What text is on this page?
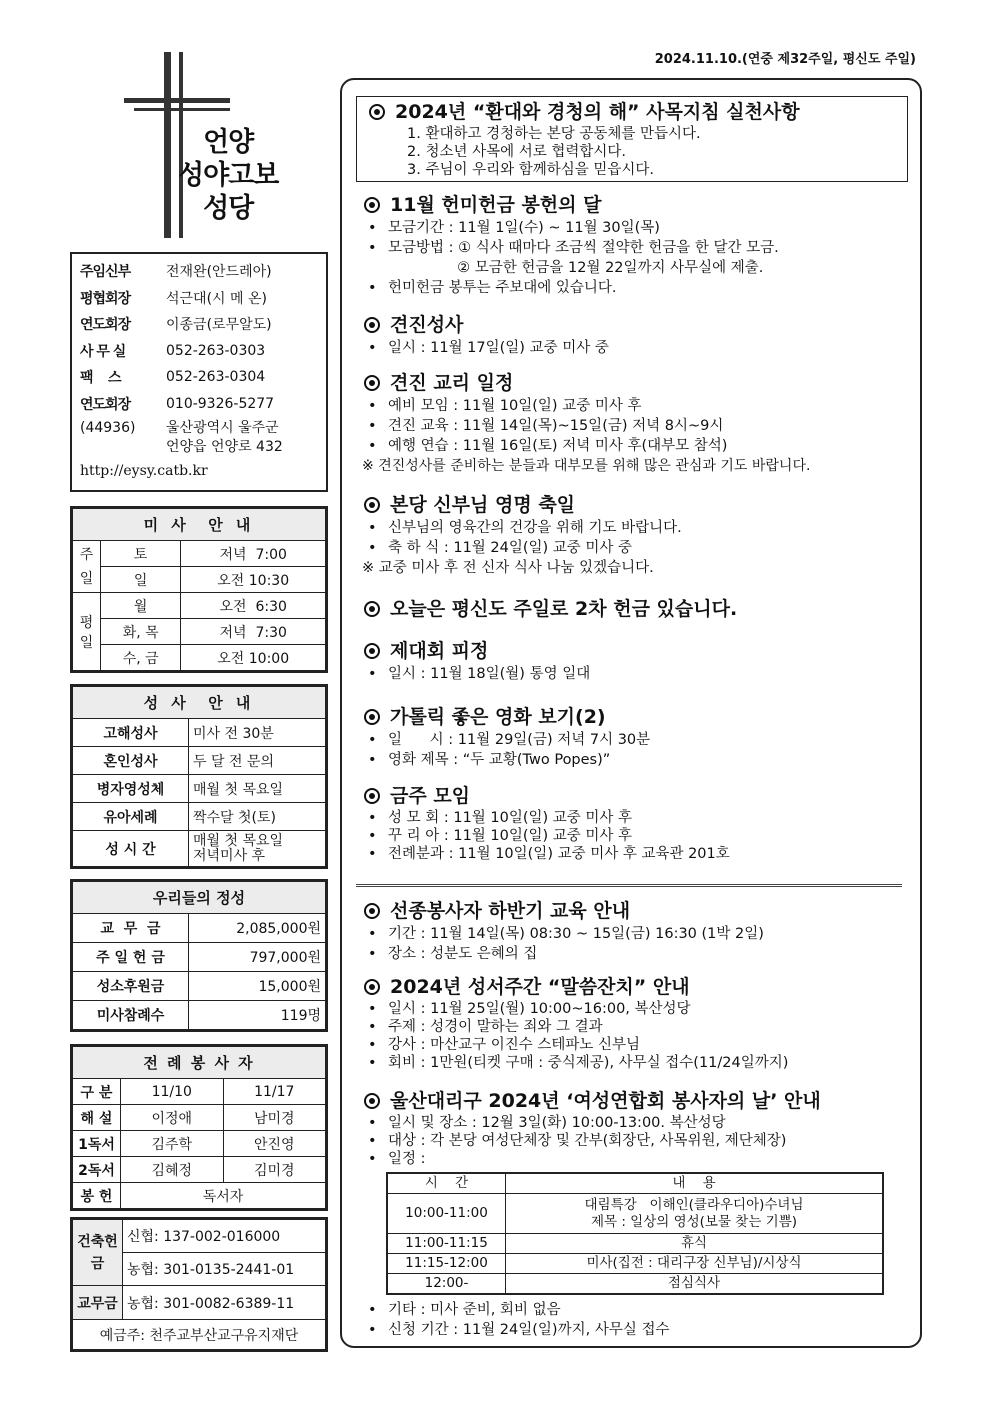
2024.11.10.(연중 제32주일, 평신도 주일)
언양
성야고보
성당
주임신부	전재완(안드레아)
평협회장	석근대(시 메 온)
연도회장	이종금(로무알도)
사 무 실	052-263-0303
팩    스	052-263-0304
연도회장	010-9326-5277
(44936)	울산광역시 울주군
언양읍 언양로 432
http://eysy.catb.kr
미 사  안 내		
주일	토	저녁  7:00
	일	오전 10:30
평일	월	오전  6:30
	화, 목	저녁  7:30
	수, 금	오전 10:00
성 사  안 내	
고해성사	미사 전 30분
혼인성사	두 달 전 문의
병자영성체	매월 첫 목요일
유아세례	짝수달 첫(토)
성 시 간	매월 첫 목요일
저녁미사 후
우리들의 정성	
교  무  금	2,085,000원
주 일 헌 금	797,000원
성소후원금	15,000원
미사참례수	119명
전 례 봉 사 자		
구 분	11/10	11/17
해 설	이정애	남미경
1독서	김주학	안진영
2독서	김혜정	김미경
봉 헌	독서자	
건축헌금	신협: 137-002-016000
	농협: 301-0135-2441-01
교무금	농협: 301-0082-6389-11
예금주: 천주교부산교구유지재단	
2024년 “환대와 경청의 해” 사목지침 실천사항
1. 환대하고 경청하는 본당 공동체를 만듭시다.
2. 청소년 사목에 서로 협력합시다.
3. 주님이 우리와 함께하심을 믿읍시다.
11월 헌미헌금 봉헌의 달
• 모금기간 : 11월 1일(수) ~ 11월 30일(목)
• 모금방법 : ① 식사 때마다 조금씩 절약한 헌금을 한 달간 모금.
② 모금한 헌금을 12월 22일까지 사무실에 제출.
• 헌미헌금 봉투는 주보대에 있습니다.
견진성사
• 일시 : 11월 17일(일) 교중 미사 중
견진 교리 일정
• 예비 모임 : 11월 10일(일) 교중 미사 후
• 견진 교육 : 11월 14일(목)~15일(금) 저녁 8시~9시
• 예행 연습 : 11월 16일(토) 저녁 미사 후(대부모 참석)
※ 견진성사를 준비하는 분들과 대부모를 위해 많은 관심과 기도 바랍니다.
본당 신부님 영명 축일
• 신부님의 영육간의 건강을 위해 기도 바랍니다.
• 축 하 식 : 11월 24일(일) 교중 미사 중
※ 교중 미사 후 전 신자 식사 나눔 있겠습니다.
오늘은 평신도 주일로 2차 헌금 있습니다.
제대회 피정
• 일시 : 11월 18일(월) 통영 일대
가톨릭 좋은 영화 보기(2)
• 일      시 : 11월 29일(금) 저녁 7시 30분
• 영화 제목 : “두 교황(Two Popes)”
금주 모임
• 성 모 회 : 11월 10일(일) 교중 미사 후
• 꾸 리 아 : 11월 10일(일) 교중 미사 후
• 전례분과 : 11월 10일(일) 교중 미사 후 교육관 201호
선종봉사자 하반기 교육 안내
• 기간 : 11월 14일(목) 08:30 ~ 15일(금) 16:30 (1박 2일)
• 장소 : 성분도 은혜의 집
2024년 성서주간 “말씀잔치” 안내
• 일시 : 11월 25일(월) 10:00~16:00, 복산성당
• 주제 : 성경이 말하는 죄와 그 결과
• 강사 : 마산교구 이진수 스테파노 신부님
• 회비 : 1만원(티켓 구매 : 중식제공), 사무실 접수(11/24일까지)
울산대리구 2024년 ‘여성연합회 봉사자의 날’ 안내
• 일시 및 장소 : 12월 3일(화) 10:00-13:00. 복산성당
• 대상 : 각 본당 여성단체장 및 간부(회장단, 사목위원, 제단체장)
• 일정 :
시    간	내    용
10:00-11:00	대림특강   이해인(클라우디아)수녀님
제목 : 일상의 영성(보물 찾는 기쁨)
11:00-11:15	휴식
11:15-12:00	미사(집전 : 대리구장 신부님)/시상식
12:00-	점심식사
• 기타 : 미사 준비, 회비 없음
• 신청 기간 : 11월 24일(일)까지, 사무실 접수
